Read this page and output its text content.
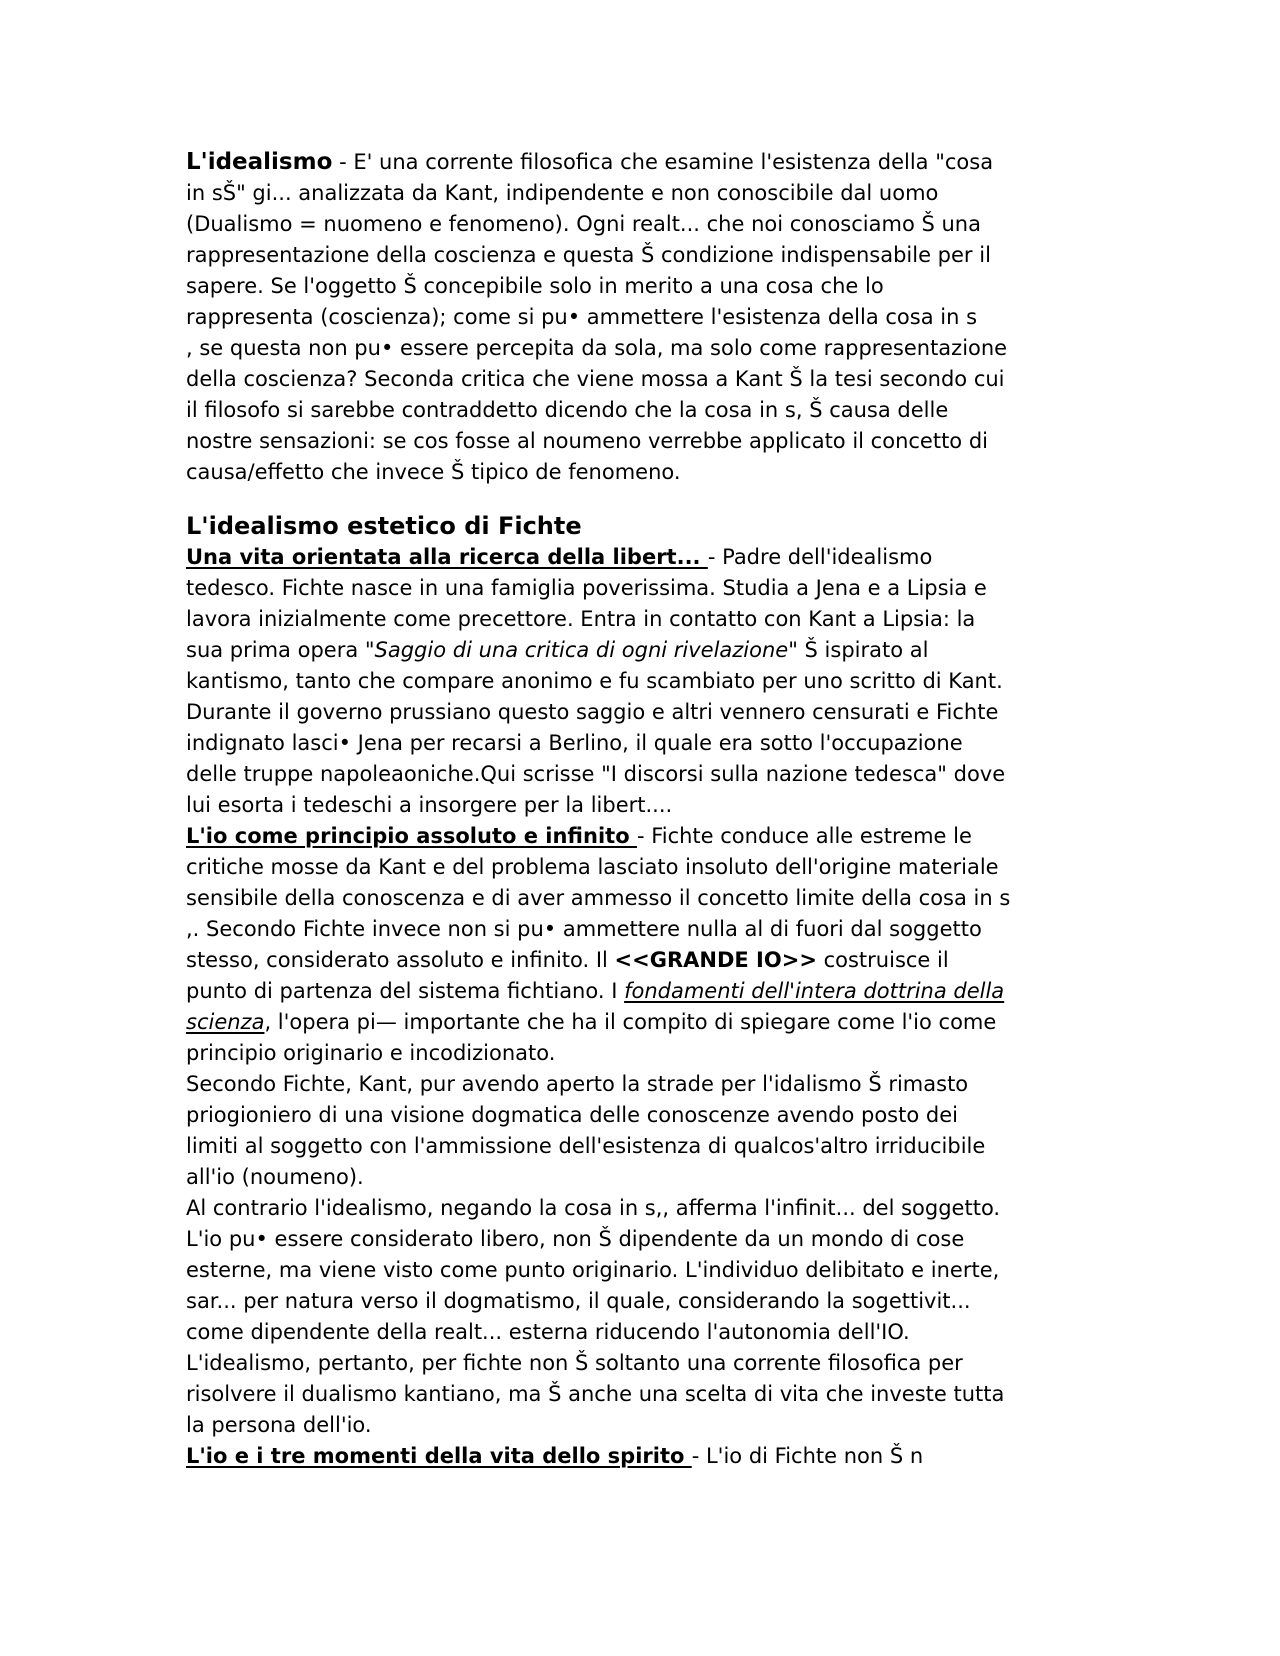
L'idealismo - E' una corrente filosofica che esamine l'esistenza della "cosa
in sŠ" gi... analizzata da Kant, indipendente e non conoscibile dal uomo
(Dualismo = nuomeno e fenomeno). Ogni realt... che noi conosciamo Š una
rappresentazione della coscienza e questa Š condizione indispensabile per il
sapere. Se l'oggetto Š concepibile solo in merito a una cosa che lo
rappresenta (coscienza); come si pu• ammettere l'esistenza della cosa in s
, se questa non pu• essere percepita da sola, ma solo come rappresentazione
della coscienza? Seconda critica che viene mossa a Kant Š la tesi secondo cui
il filosofo si sarebbe contraddetto dicendo che la cosa in s, Š causa delle
nostre sensazioni: se cos fosse al noumeno verrebbe applicato il concetto di
causa/effetto che invece Š tipico de fenomeno.
L'idealismo estetico di Fichte
Una vita orientata alla ricerca della libert... - Padre dell'idealismo
tedesco. Fichte nasce in una famiglia poverissima. Studia a Jena e a Lipsia e
lavora inizialmente come precettore. Entra in contatto con Kant a Lipsia: la
sua prima opera "Saggio di una critica di ogni rivelazione" Š ispirato al
kantismo, tanto che compare anonimo e fu scambiato per uno scritto di Kant.
Durante il governo prussiano questo saggio e altri vennero censurati e Fichte
indignato lasci• Jena per recarsi a Berlino, il quale era sotto l'occupazione
delle truppe napoleaoniche.Qui scrisse "I discorsi sulla nazione tedesca" dove
lui esorta i tedeschi a insorgere per la libert....
L'io come principio assoluto e infinito - Fichte conduce alle estreme le
critiche mosse da Kant e del problema lasciato insoluto dell'origine materiale
sensibile della conoscenza e di aver ammesso il concetto limite della cosa in s
,. Secondo Fichte invece non si pu• ammettere nulla al di fuori dal soggetto
stesso, considerato assoluto e infinito. Il <<GRANDE IO>> costruisce il
punto di partenza del sistema fichtiano. I fondamenti dell'intera dottrina della
scienza, l'opera pi— importante che ha il compito di spiegare come l'io come
principio originario e incodizionato.
Secondo Fichte, Kant, pur avendo aperto la strade per l'idalismo Š rimasto
priogioniero di una visione dogmatica delle conoscenze avendo posto dei
limiti al soggetto con l'ammissione dell'esistenza di qualcos'altro irriducibile
all'io (noumeno).
Al contrario l'idealismo, negando la cosa in s,, afferma l'infinit... del soggetto.
L'io pu• essere considerato libero, non Š dipendente da un mondo di cose
esterne, ma viene visto come punto originario. L'individuo delibitato e inerte,
sar... per natura verso il dogmatismo, il quale, considerando la sogettivit...
come dipendente della realt... esterna riducendo l'autonomia dell'IO.
L'idealismo, pertanto, per fichte non Š soltanto una corrente filosofica per
risolvere il dualismo kantiano, ma Š anche una scelta di vita che investe tutta
la persona dell'io.
L'io e i tre momenti della vita dello spirito - L'io di Fichte non Š n
